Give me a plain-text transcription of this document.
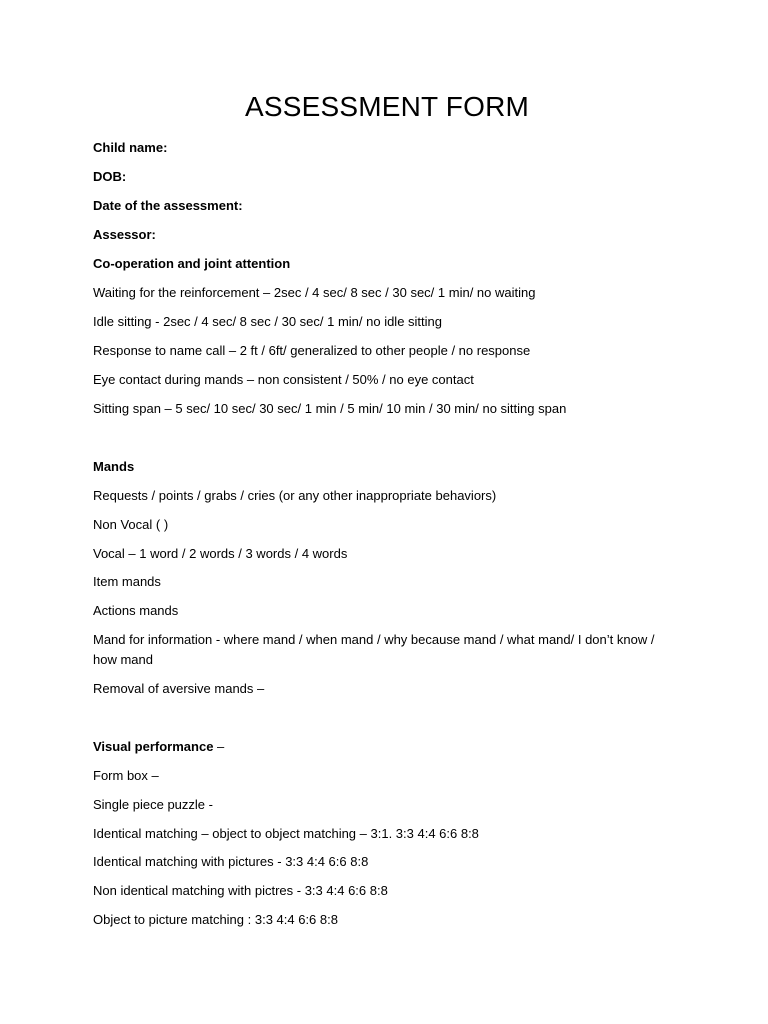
ASSESSMENT FORM
Child name:
DOB:
Date of the assessment:
Assessor:
Co-operation and joint attention
Waiting for the reinforcement – 2sec / 4 sec/ 8 sec / 30 sec/ 1 min/ no waiting
Idle sitting - 2sec / 4 sec/ 8 sec / 30 sec/ 1 min/ no idle sitting
Response to name call – 2 ft / 6ft/ generalized to other people / no response
Eye contact during mands – non consistent / 50% / no eye contact
Sitting span – 5 sec/ 10 sec/ 30 sec/ 1 min / 5 min/ 10 min / 30 min/ no sitting span
Mands
Requests / points / grabs / cries (or any other inappropriate behaviors)
Non Vocal ( )
Vocal – 1 word / 2 words / 3 words / 4 words
Item mands
Actions mands
Mand for information - where mand / when mand / why because mand / what mand/ I don’t know / how mand
Removal of aversive mands –
Visual performance –
Form box –
Single piece puzzle -
Identical matching – object to object matching – 3:1. 3:3 4:4 6:6 8:8
Identical matching with pictures - 3:3 4:4 6:6 8:8
Non identical matching with pictres - 3:3 4:4 6:6 8:8
Object to picture matching : 3:3 4:4 6:6 8:8
